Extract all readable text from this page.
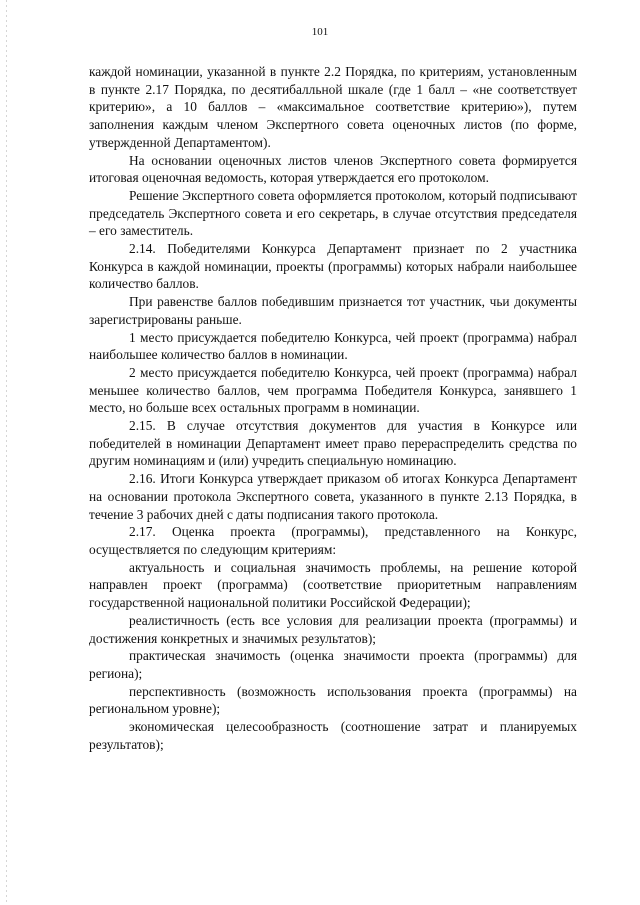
101

каждой номинации, указанной в пункте 2.2 Порядка, по критериям, установленным в пункте 2.17 Порядка, по десятибалльной шкале (где 1 балл – «не соответствует критерию», а 10 баллов – «максимальное соответствие критерию»), путем заполнения каждым членом Экспертного совета оценочных листов (по форме, утвержденной Департаментом).

На основании оценочных листов членов Экспертного совета формируется итоговая оценочная ведомость, которая утверждается его протоколом.

Решение Экспертного совета оформляется протоколом, который подписывают председатель Экспертного совета и его секретарь, в случае отсутствия председателя – его заместитель.

2.14. Победителями Конкурса Департамент признает по 2 участника Конкурса в каждой номинации, проекты (программы) которых набрали наибольшее количество баллов.

При равенстве баллов победившим признается тот участник, чьи документы зарегистрированы раньше.

1 место присуждается победителю Конкурса, чей проект (программа) набрал наибольшее количество баллов в номинации.

2 место присуждается победителю Конкурса, чей проект (программа) набрал меньшее количество баллов, чем программа Победителя Конкурса, занявшего 1 место, но больше всех остальных программ в номинации.

2.15. В случае отсутствия документов для участия в Конкурсе или победителей в номинации Департамент имеет право перераспределить средства по другим номинациям и (или) учредить специальную номинацию.

2.16. Итоги Конкурса утверждает приказом об итогах Конкурса Департамент на основании протокола Экспертного совета, указанного в пункте 2.13 Порядка, в течение 3 рабочих дней с даты подписания такого протокола.

2.17. Оценка проекта (программы), представленного на Конкурс, осуществляется по следующим критериям:

актуальность и социальная значимость проблемы, на решение которой направлен проект (программа) (соответствие приоритетным направлениям государственной национальной политики Российской Федерации);

реалистичность (есть все условия для реализации проекта (программы) и достижения конкретных и значимых результатов);

практическая значимость (оценка значимости проекта (программы) для региона);

перспективность (возможность использования проекта (программы) на региональном уровне);

экономическая целесообразность (соотношение затрат и планируемых результатов);
